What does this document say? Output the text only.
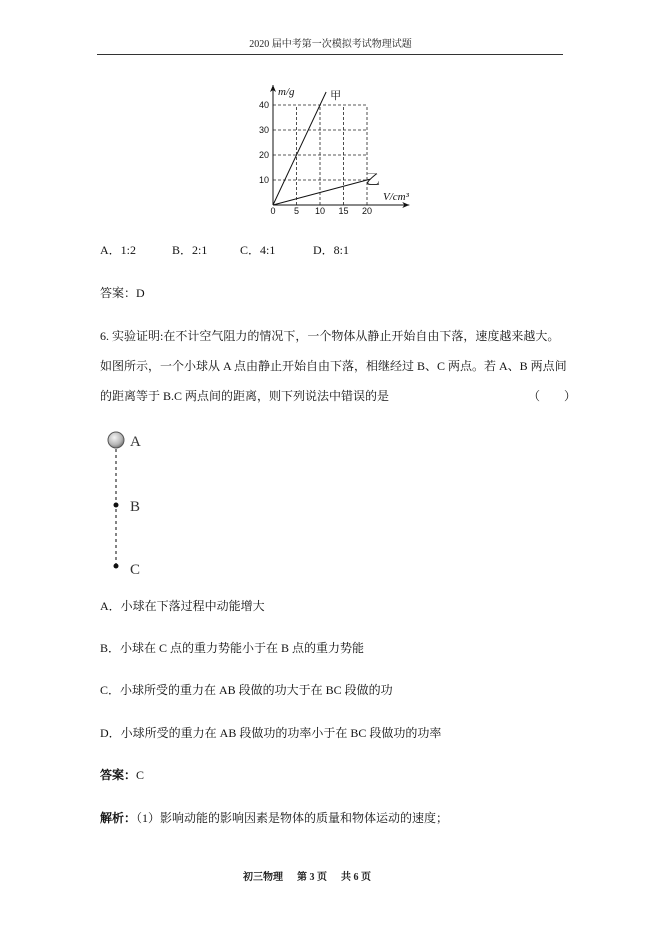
2020 届中考第一次模拟考试物理试题
乙
甲
40
30
20
10
20
15
10
5
0
m/g
V/cm³
A．1:2	B．2:1	C．4:1	D．8:1
答案：D
6. 实验证明:在不计空气阻力的情况下，一个物体从静止开始自由下落，速度越来越大。
如图所示，一个小球从 A 点由静止开始自由下落，相继经过 B、C 两点。若 A、B 两点间
的距离等于 B.C 两点间的距离，则下列说法中错误的是	（　　）
A
B
C
A．小球在下落过程中动能增大
B．小球在 C 点的重力势能小于在 B 点的重力势能
C．小球所受的重力在 AB 段做的功大于在 BC 段做的功
D．小球所受的重力在 AB 段做功的功率小于在 BC 段做功的功率
答案：C
解析：（1）影响动能的影响因素是物体的质量和物体运动的速度；
初三物理 第 3 页 共 6 页
